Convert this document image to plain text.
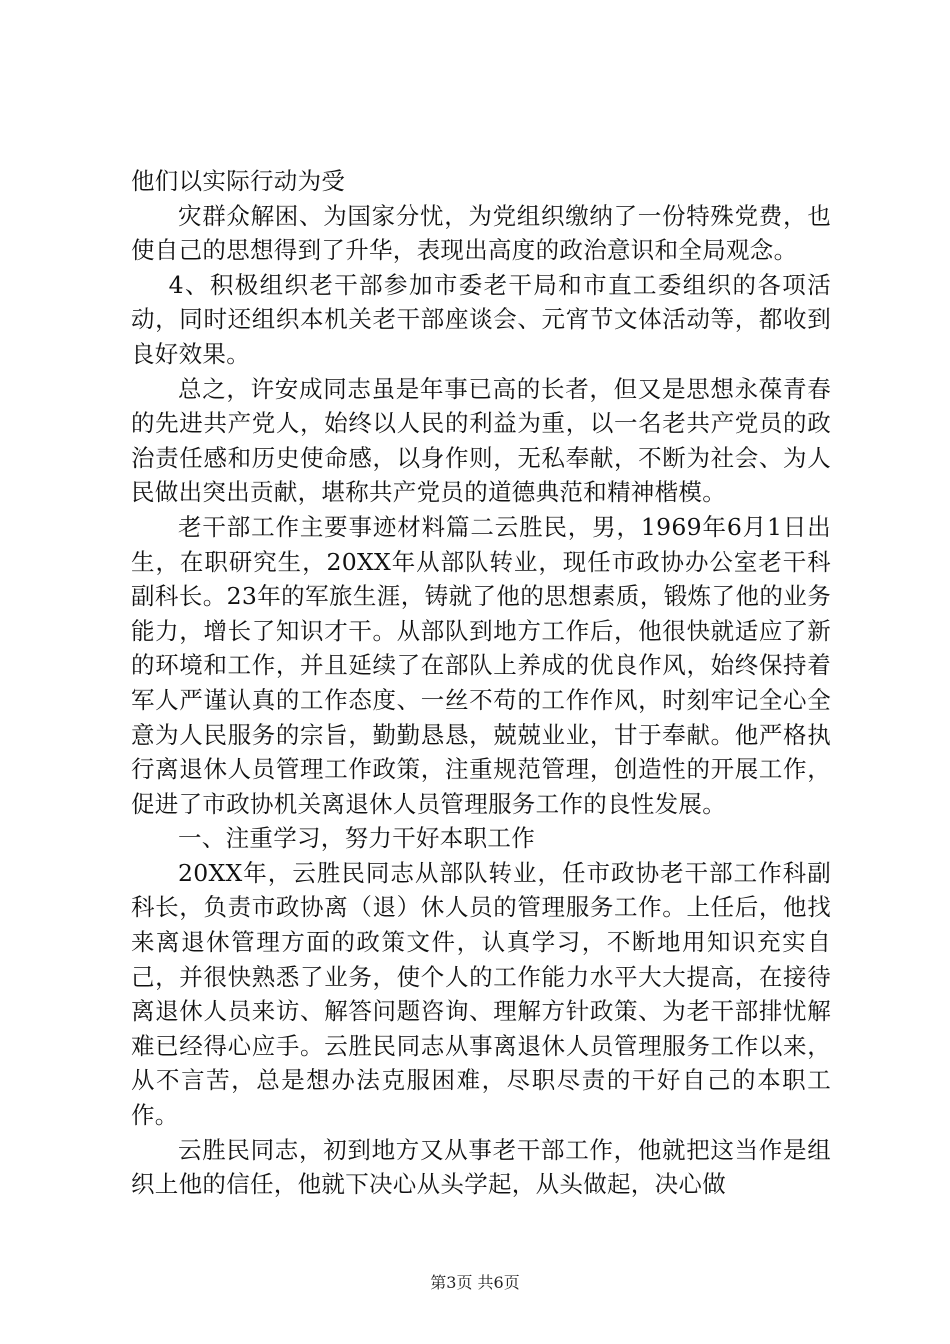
他们以实际行动为受

灾群众解困、为国家分忧，为党组织缴纳了一份特殊党费，也使自己的思想得到了升华，表现出高度的政治意识和全局观念。

4、积极组织老干部参加市委老干局和市直工委组织的各项活动，同时还组织本机关老干部座谈会、元宵节文体活动等，都收到良好效果。

总之，许安成同志虽是年事已高的长者，但又是思想永葆青春的先进共产党人，始终以人民的利益为重，以一名老共产党员的政治责任感和历史使命感，以身作则，无私奉献，不断为社会、为人民做出突出贡献，堪称共产党员的道德典范和精神楷模。

老干部工作主要事迹材料篇二云胜民，男，1969年6月1日出生，在职研究生，20XX年从部队转业，现任市政协办公室老干科副科长。23年的军旅生涯，铸就了他的思想素质，锻炼了他的业务能力，增长了知识才干。从部队到地方工作后，他很快就适应了新的环境和工作，并且延续了在部队上养成的优良作风，始终保持着军人严谨认真的工作态度、一丝不苟的工作作风，时刻牢记全心全意为人民服务的宗旨，勤勤恳恳，兢兢业业，甘于奉献。他严格执行离退休人员管理工作政策，注重规范管理，创造性的开展工作，促进了市政协机关离退休人员管理服务工作的良性发展。

一、注重学习，努力干好本职工作

20XX年，云胜民同志从部队转业，任市政协老干部工作科副科长，负责市政协离（退）休人员的管理服务工作。上任后，他找来离退休管理方面的政策文件，认真学习，不断地用知识充实自己，并很快熟悉了业务，使个人的工作能力水平大大提高，在接待离退休人员来访、解答问题咨询、理解方针政策、为老干部排忧解难已经得心应手。云胜民同志从事离退休人员管理服务工作以来，从不言苦，总是想办法克服困难，尽职尽责的干好自己的本职工作。

云胜民同志，初到地方又从事老干部工作，他就把这当作是组织上他的信任，他就下决心从头学起，从头做起，决心做

第3页 共6页
